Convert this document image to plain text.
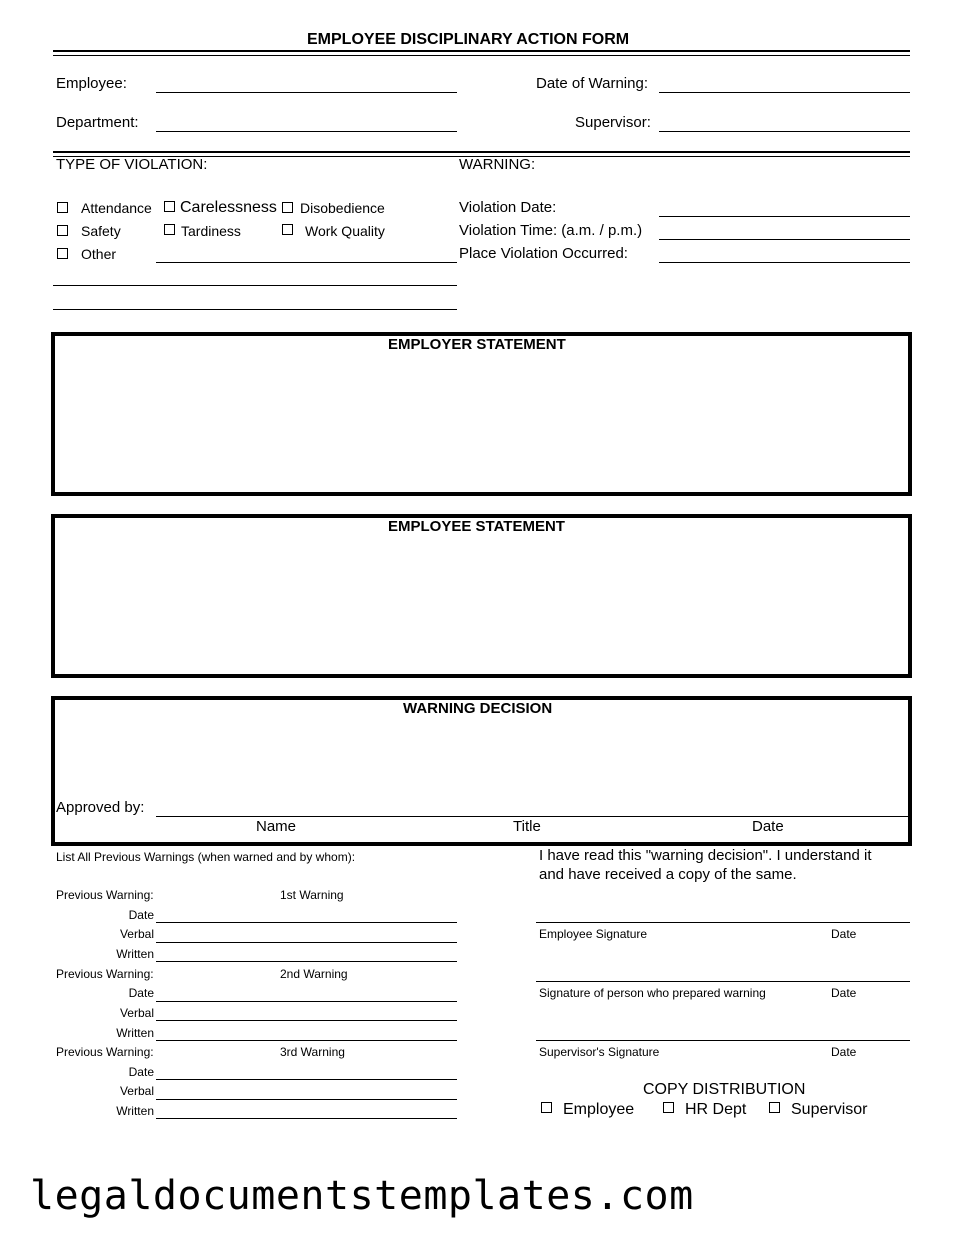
EMPLOYEE DISCIPLINARY ACTION FORM
Employee:	Date of Warning:
Department:	Supervisor:
TYPE OF VIOLATION:
Attendance Carelessness Disobedience
Safety	Tardiness	Work Quality
Other
WARNING:
Violation Date:
Violation Time: (a.m. / p.m.)
Place Violation Occurred:
EMPLOYER STATEMENT
EMPLOYEE STATEMENT
WARNING DECISION
Approved by:
Name	Title	Date
List All Previous Warnings (when warned and by whom):
Previous Warning:	1st Warning
Date
Verbal
Written
Previous Warning:	2nd Warning
Date
Verbal
Written
Previous Warning:	3rd Warning
Date
Verbal
Written
I have read this "warning decision". I understand it
and have received a copy of the same.
Employee Signature	Date
Signature of person who prepared warning	Date
Supervisor's Signature	Date
COPY DISTRIBUTION
Employee	HR Dept	Supervisor
legaldocumentstemplates.com
